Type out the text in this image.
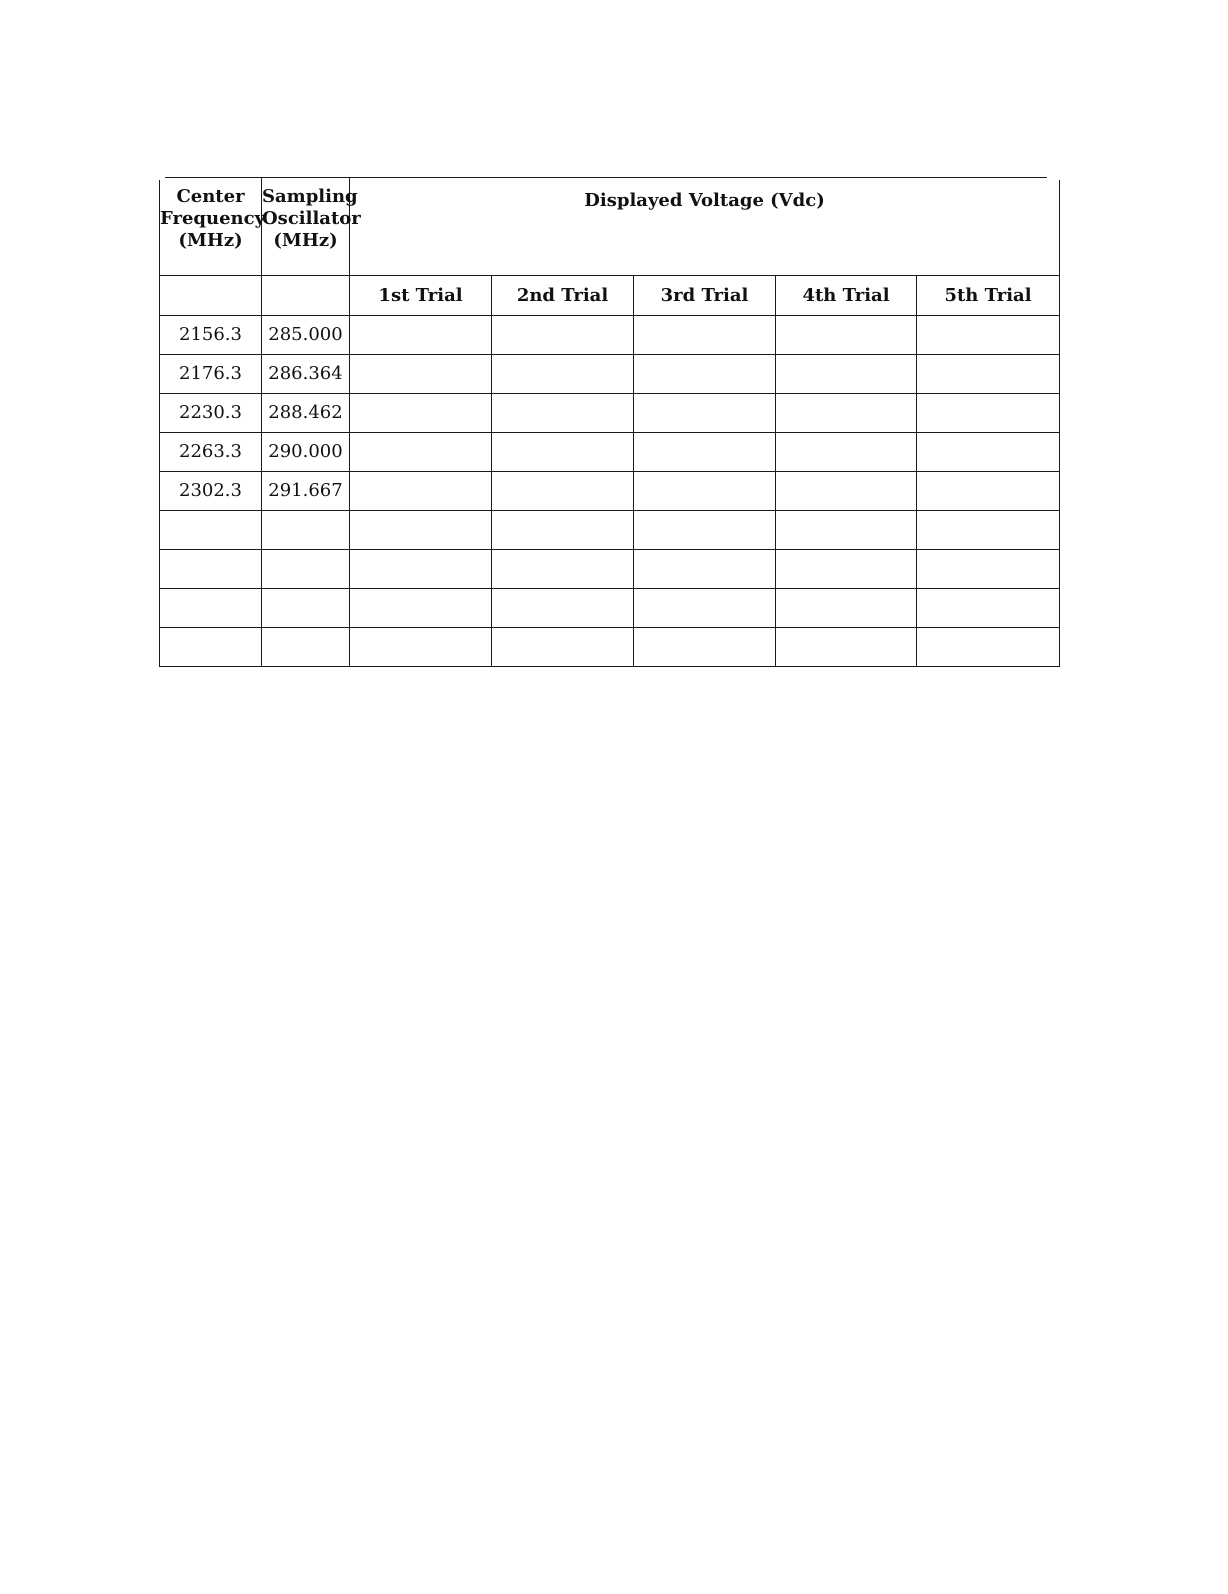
Center
Frequency
(MHz)	Sampling
Oscillator
(MHz)	Displayed Voltage (Vdc)				
		1st Trial	2nd Trial	3rd Trial	4th Trial	5th Trial
2156.3	285.000					
2176.3	286.364					
2230.3	288.462					
2263.3	290.000					
2302.3	291.667					
